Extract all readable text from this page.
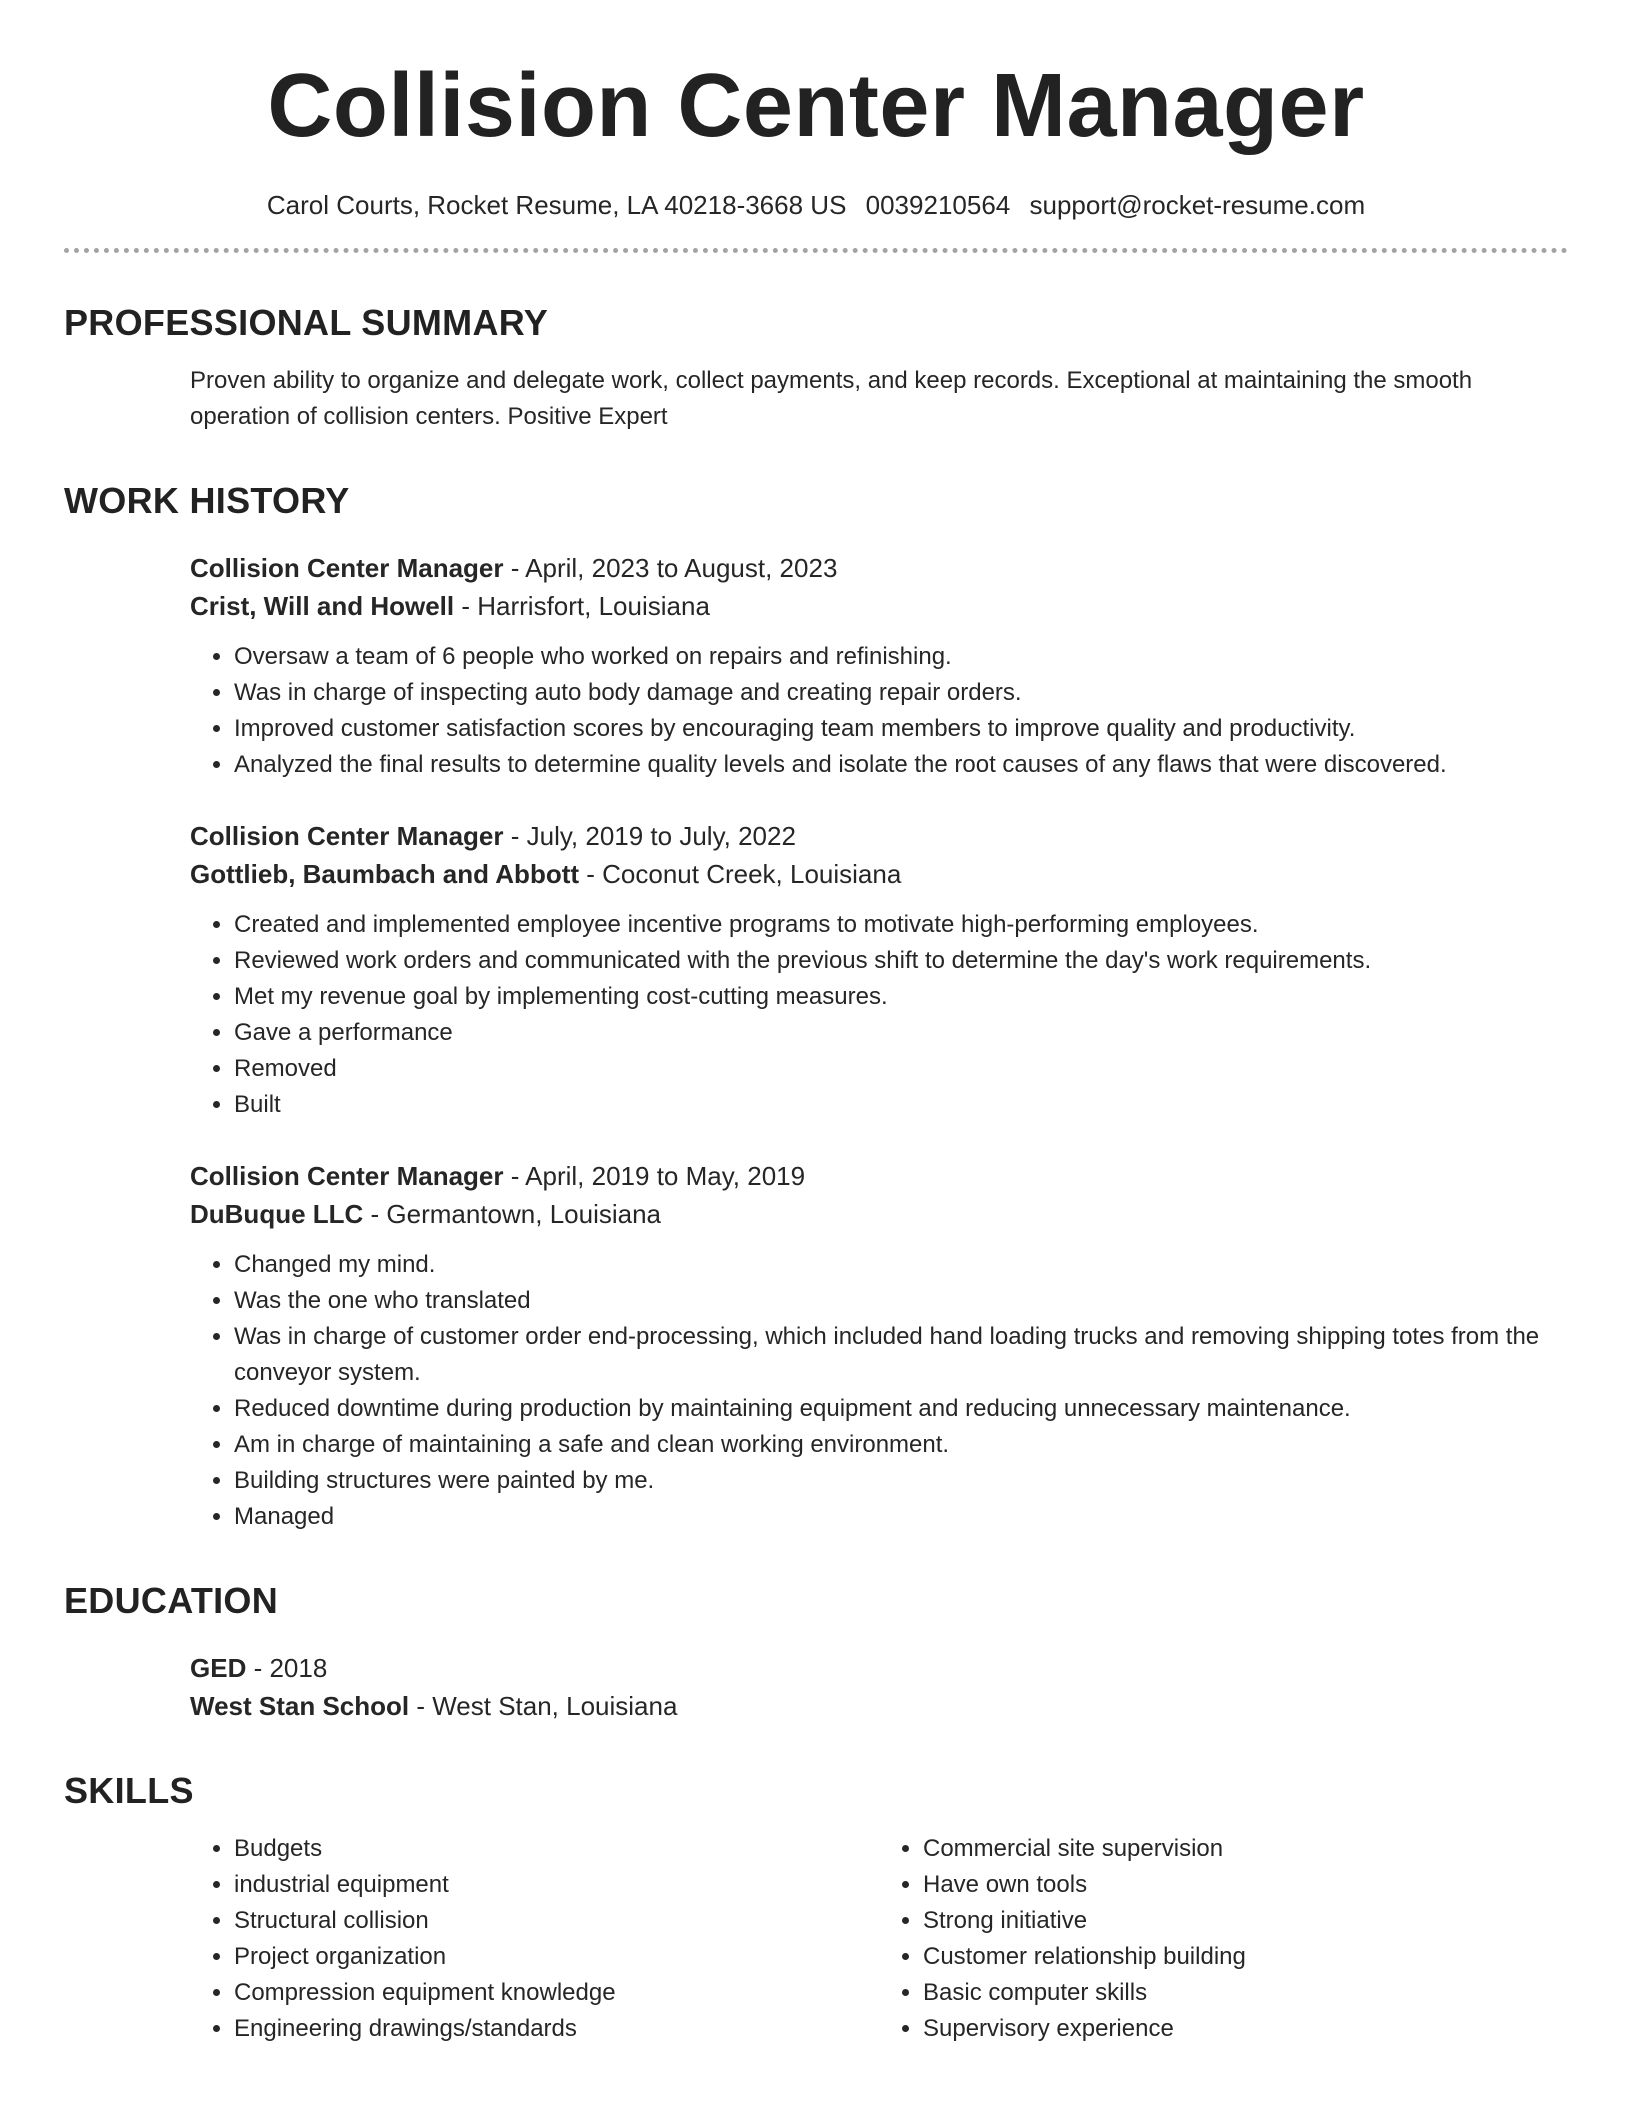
Collision Center Manager
Carol Courts, Rocket Resume, LA 40218-3668 US 0039210564 support@rocket-resume.com
PROFESSIONAL SUMMARY
Proven ability to organize and delegate work, collect payments, and keep records. Exceptional at maintaining the smooth operation of collision centers. Positive Expert
WORK HISTORY
Collision Center Manager - April, 2023 to August, 2023
Crist, Will and Howell - Harrisfort, Louisiana
• Oversaw a team of 6 people who worked on repairs and refinishing.
• Was in charge of inspecting auto body damage and creating repair orders.
• Improved customer satisfaction scores by encouraging team members to improve quality and productivity.
• Analyzed the final results to determine quality levels and isolate the root causes of any flaws that were discovered.
Collision Center Manager - July, 2019 to July, 2022
Gottlieb, Baumbach and Abbott - Coconut Creek, Louisiana
• Created and implemented employee incentive programs to motivate high-performing employees.
• Reviewed work orders and communicated with the previous shift to determine the day's work requirements.
• Met my revenue goal by implementing cost-cutting measures.
• Gave a performance
• Removed
• Built
Collision Center Manager - April, 2019 to May, 2019
DuBuque LLC - Germantown, Louisiana
• Changed my mind.
• Was the one who translated
• Was in charge of customer order end-processing, which included hand loading trucks and removing shipping totes from the conveyor system.
• Reduced downtime during production by maintaining equipment and reducing unnecessary maintenance.
• Am in charge of maintaining a safe and clean working environment.
• Building structures were painted by me.
• Managed
EDUCATION
GED - 2018
West Stan School - West Stan, Louisiana
SKILLS
• Budgets
• industrial equipment
• Structural collision
• Project organization
• Compression equipment knowledge
• Engineering drawings/standards
• Commercial site supervision
• Have own tools
• Strong initiative
• Customer relationship building
• Basic computer skills
• Supervisory experience
